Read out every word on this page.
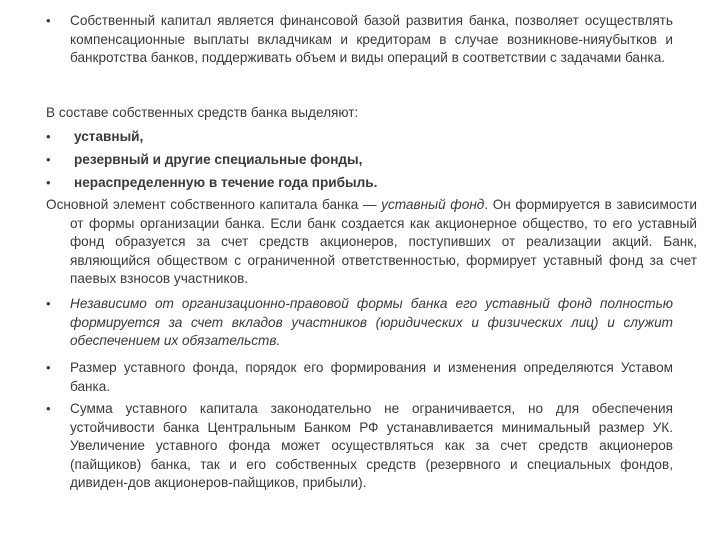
• Собственный капитал является финансовой базой развития банка, позволяет осуществлять компенсационные выплаты вкладчикам и кредиторам в случае возникнове-нияубытков и банкротства банков, поддерживать объем и виды операций в соответствии с задачами банка.
В составе собственных средств банка выделяют:
• уставный,
• резервный и другие специальные фонды,
• нераспределенную в течение года прибыль.
Основной элемент собственного капитала банка — уставный фонд. Он формируется в зависимости от формы организации банка. Если банк создается как акционерное общество, то его уставный фонд образуется за счет средств акционеров, поступивших от реализации акций. Банк, являющийся обществом с ограниченной ответственностью, формирует уставный фонд за счет паевых взносов участников.
• Независимо от организационно-правовой формы банка его уставный фонд полностью формируется за счет вкладов участников (юридических и физических лиц) и служит обеспечением их обязательств.
• Размер уставного фонда, порядок его формирования и изменения определяются Уставом банка.
• Сумма уставного капитала законодательно не ограничивается, но для обеспечения устойчивости банка Центральным Банком РФ устанавливается минимальный размер УК. Увеличение уставного фонда может осуществляться как за счет средств акционеров (пайщиков) банка, так и его собственных средств (резервного и специальных фондов, дивиден-дов акционеров-пайщиков, прибыли).
